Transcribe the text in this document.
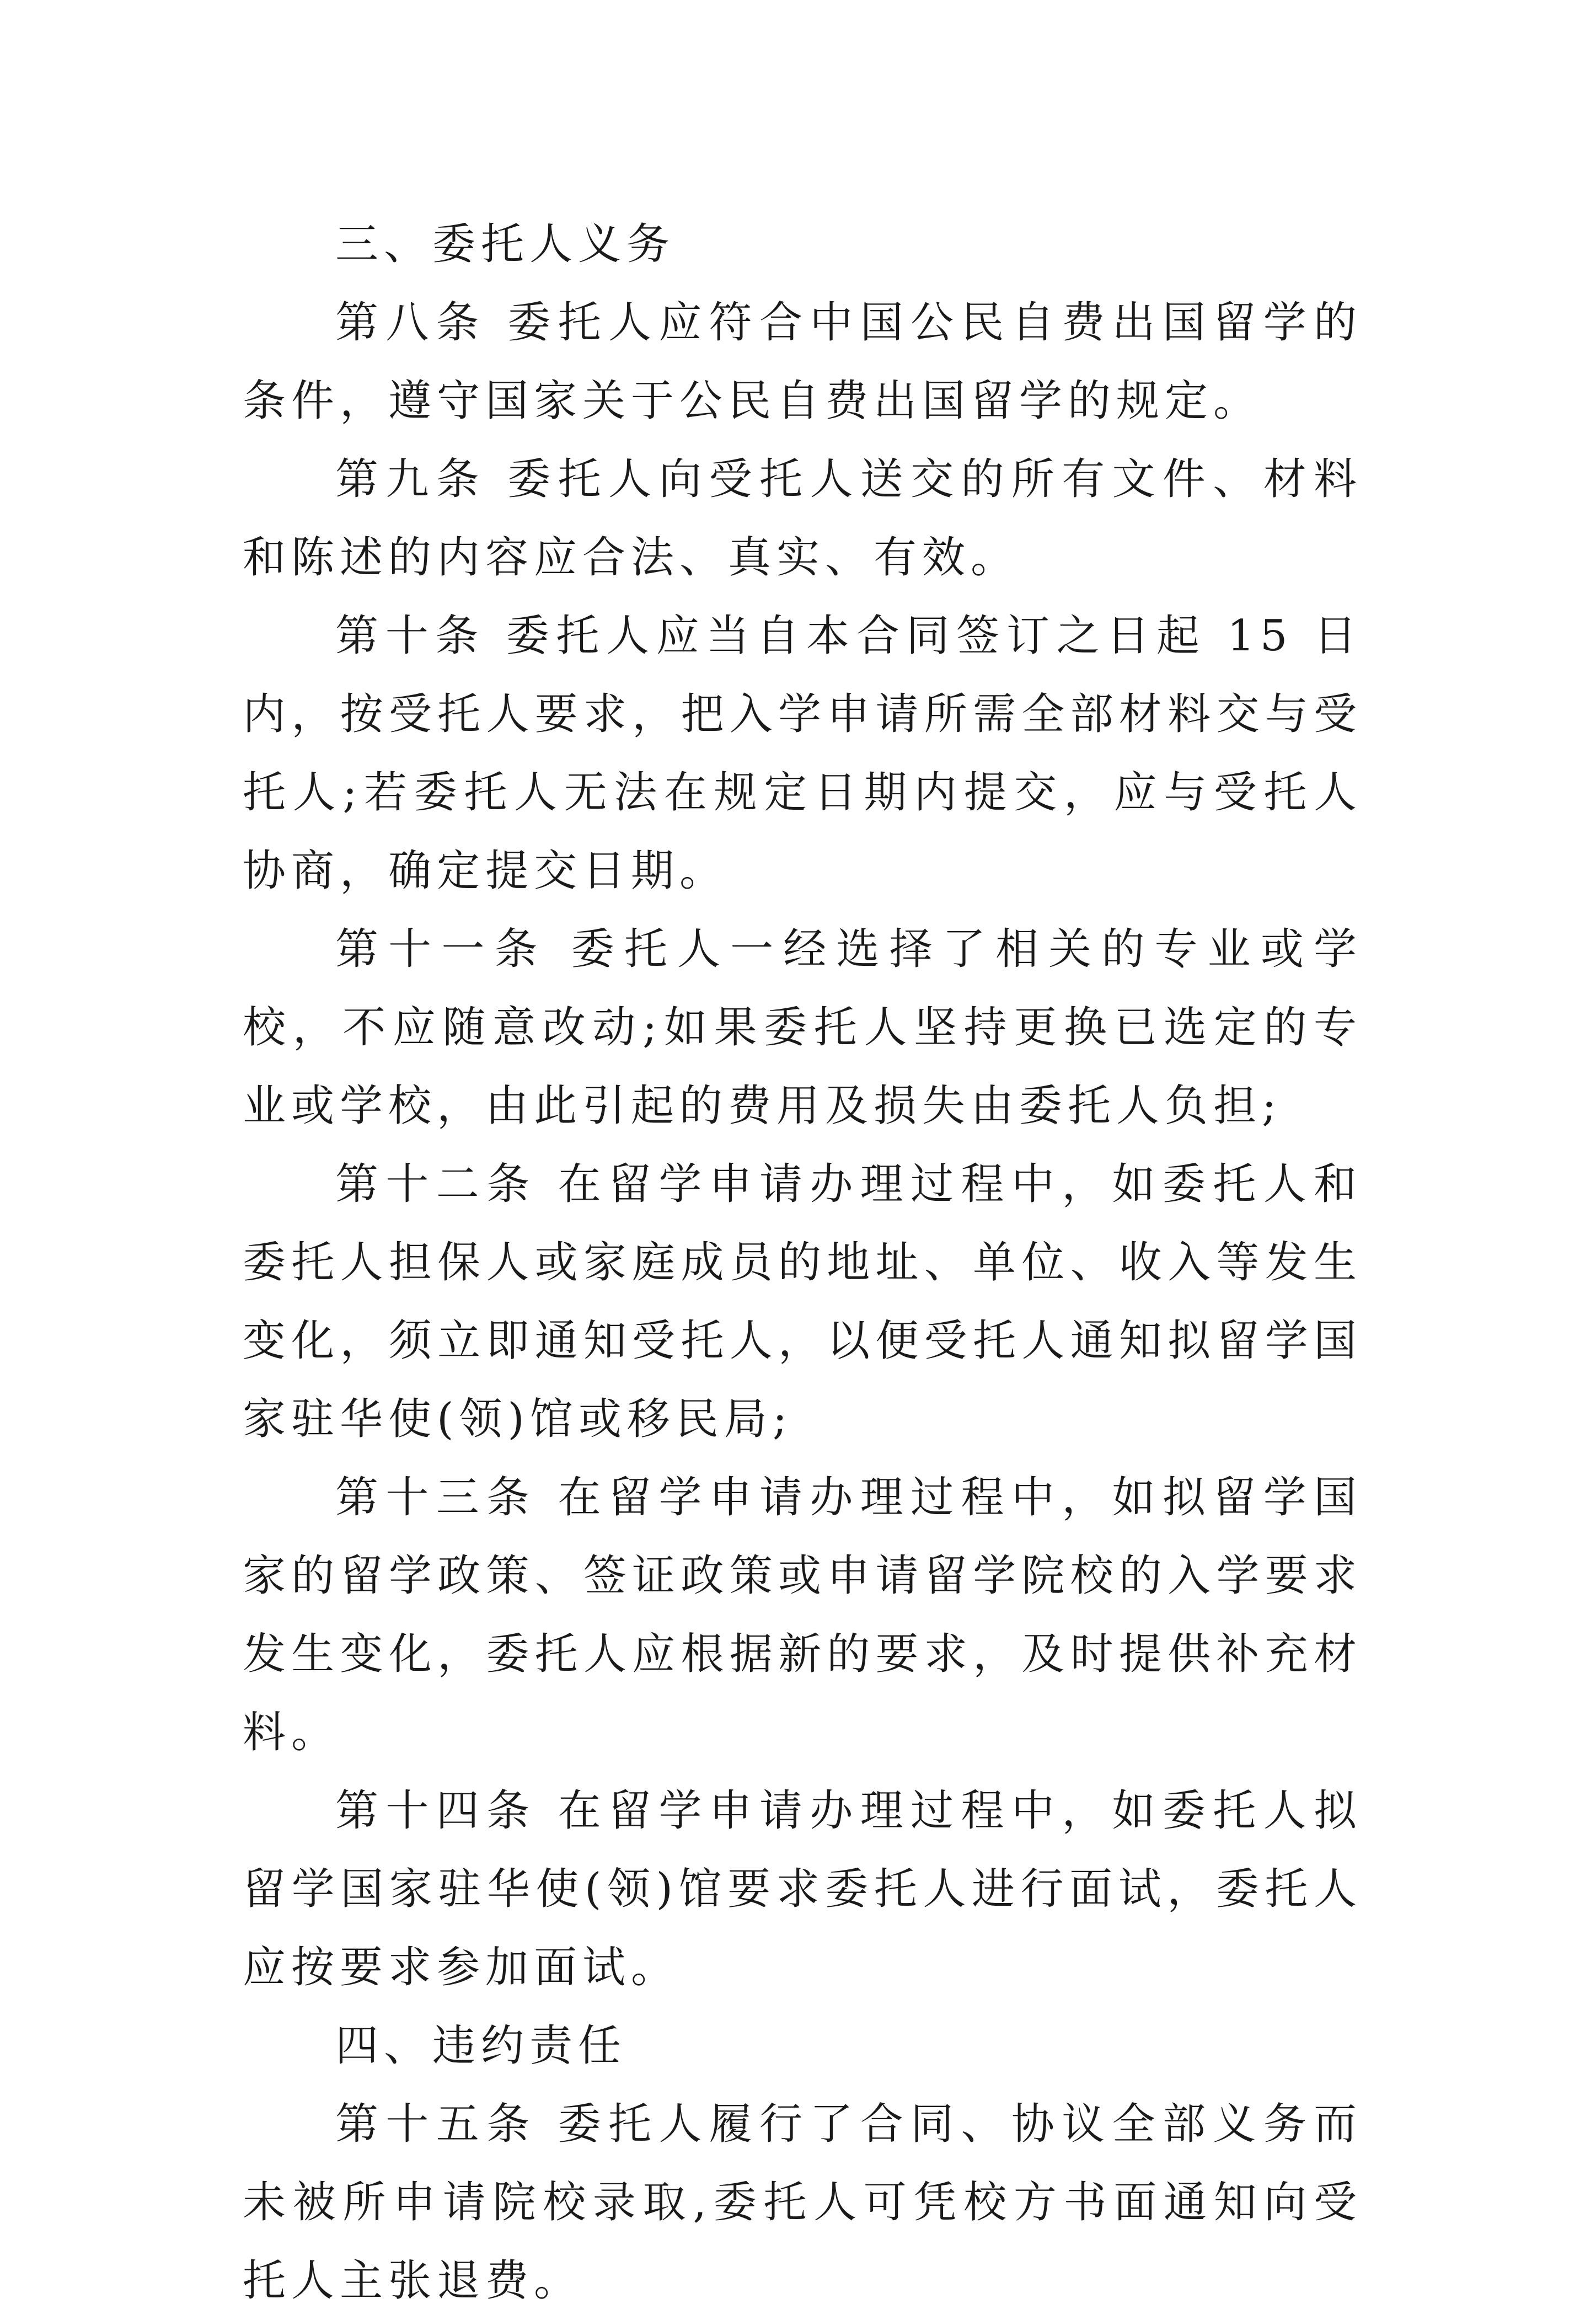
三、委托人义务

第八条 委托人应符合中国公民自费出国留学的条件，遵守国家关于公民自费出国留学的规定。

第九条 委托人向受托人送交的所有文件、材料和陈述的内容应合法、真实、有效。

第十条 委托人应当自本合同签订之日起 15 日内，按受托人要求，把入学申请所需全部材料交与受托人;若委托人无法在规定日期内提交，应与受托人协商，确定提交日期。

第十一条 委托人一经选择了相关的专业或学校，不应随意改动;如果委托人坚持更换已选定的专业或学校，由此引起的费用及损失由委托人负担;

第十二条 在留学申请办理过程中，如委托人和委托人担保人或家庭成员的地址、单位、收入等发生变化，须立即通知受托人，以便受托人通知拟留学国家驻华使(领)馆或移民局;

第十三条 在留学申请办理过程中，如拟留学国家的留学政策、签证政策或申请留学院校的入学要求发生变化，委托人应根据新的要求，及时提供补充材料。

第十四条 在留学申请办理过程中，如委托人拟留学国家驻华使(领)馆要求委托人进行面试，委托人应按要求参加面试。

四、违约责任

第十五条 委托人履行了合同、协议全部义务而未被所申请院校录取,委托人可凭校方书面通知向受托人主张退费。
